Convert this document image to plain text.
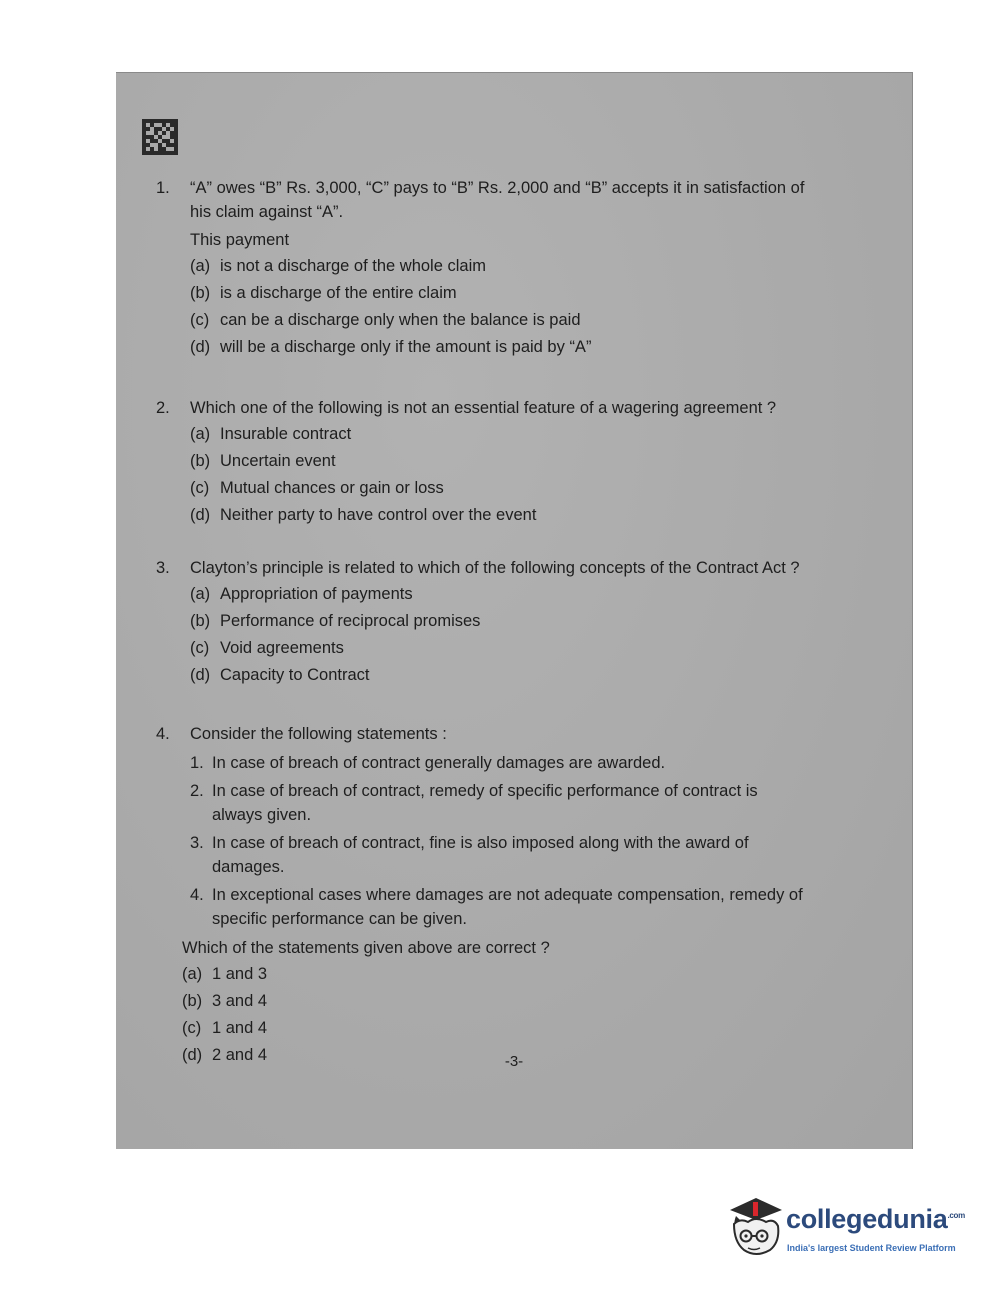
1.	“A” owes “B” Rs. 3,000, “C” pays to “B” Rs. 2,000 and “B” accepts it in satisfaction of his claim against “A”.
This payment
(a) is not a discharge of the whole claim
(b) is a discharge of the entire claim
(c) can be a discharge only when the balance is paid
(d) will be a discharge only if the amount is paid by “A”
2.	Which one of the following is not an essential feature of a wagering agreement ?
(a) Insurable contract
(b) Uncertain event
(c) Mutual chances or gain or loss
(d) Neither party to have control over the event
3.	Clayton’s principle is related to which of the following concepts of the Contract Act ?
(a) Appropriation of payments
(b) Performance of reciprocal promises
(c) Void agreements
(d) Capacity to Contract
4.	Consider the following statements :
1. In case of breach of contract generally damages are awarded.
2. In case of breach of contract, remedy of specific performance of contract is always given.
3. In case of breach of contract, fine is also imposed along with the award of damages.
4. In exceptional cases where damages are not adequate compensation, remedy of specific performance can be given.
Which of the statements given above are correct ?
(a) 1 and 3
(b) 3 and 4
(c) 1 and 4
(d) 2 and 4	-3-
collegedunia$^{.com}$
India's largest Student Review Platform
